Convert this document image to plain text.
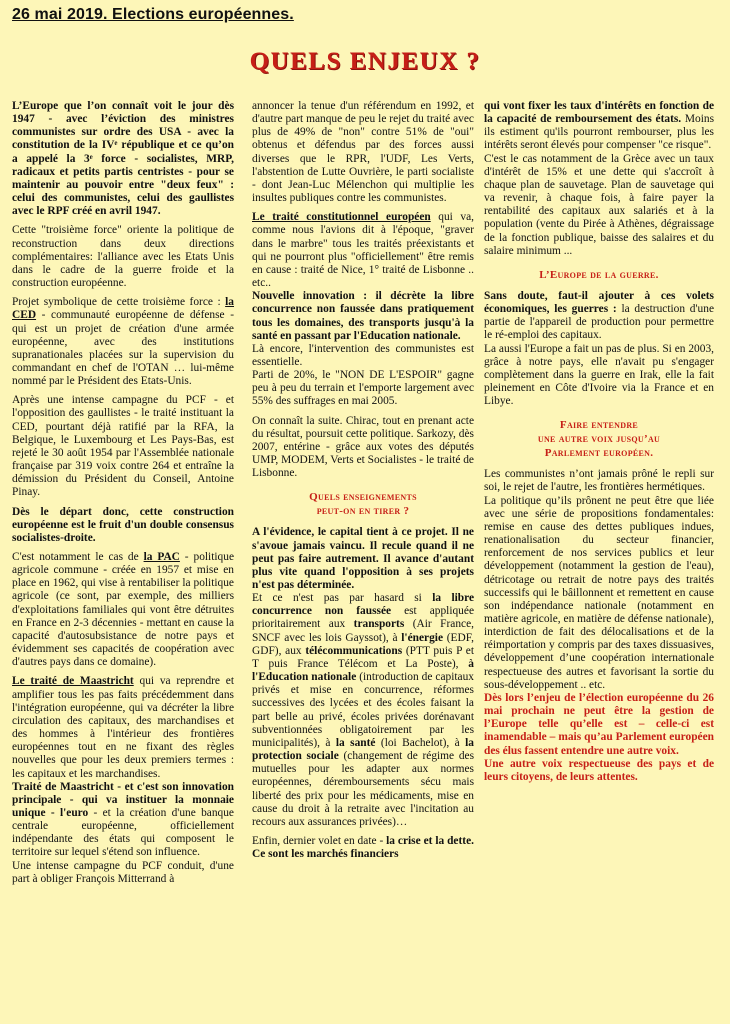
26 mai 2019. Elections européennes.
QUELS ENJEUX ?

L’Europe que l’on connaît voit le jour dès 1947 - avec l’éviction des ministres communistes sur ordre des USA - avec la constitution de la IVᵉ république et ce qu’on a appelé la 3ᵉ force - socialistes, MRP, radicaux et petits partis centristes - pour se maintenir au pouvoir entre "deux feux" : celui des communistes, celui des gaullistes avec le RPF créé en avril 1947.

Cette "troisième force" oriente la politique de reconstruction dans deux directions complémentaires: l'alliance avec les Etats Unis dans le cadre de la guerre froide et la construction européenne.

Projet symbolique de cette troisième force : la CED - communauté européenne de défense - qui est un projet de création d'une armée européenne, avec des institutions supranationales placées sur la supervision du commandant en chef de l'OTAN … lui-même nommé par le Président des Etats-Unis.

Après une intense campagne du PCF - et l'opposition des gaullistes - le traité instituant la CED, pourtant déjà ratifié par la RFA, la Belgique, le Luxembourg et Les Pays-Bas, est rejeté le 30 août 1954 par l'Assemblée nationale française par 319 voix contre 264 et entraîne la démission du Président du Conseil, Antoine Pinay.

Dès le départ donc, cette construction européenne est le fruit d'un double consensus socialistes-droite.

C'est notamment le cas de la PAC - politique agricole commune - créée en 1957 et mise en place en 1962, qui vise à rentabiliser la politique agricole (ce sont, par exemple, des milliers d'exploitations familiales qui vont être détruites en France en 2-3 décennies - mettant en cause la capacité d'autosubsistance de notre pays et évidemment ses capacités de coopération avec d'autres pays dans ce domaine).

Le traité de Maastricht qui va reprendre et amplifier tous les pas faits précédemment dans l'intégration européenne, qui va décréter la libre circulation des capitaux, des marchandises et des hommes à l'intérieur des frontières européennes tout en ne fixant des règles nouvelles que pour les deux premiers termes : les capitaux et les marchandises.

Traité de Maastricht - et c'est son innovation principale - qui va instituer la monnaie unique - l'euro - et la création d'une banque centrale européenne, officiellement indépendante des états qui composent le territoire sur lequel s'étend son influence.

Une intense campagne du PCF conduit, d'une part à obliger François Mitterrand à

annoncer la tenue d'un référendum en 1992, et d'autre part manque de peu le rejet du traité avec plus de 49% de "non" contre 51% de "oui" obtenus et défendus par des forces aussi diverses que le RPR, l'UDF, Les Verts, l'abstention de Lutte Ouvrière, le parti socialiste - dont Jean-Luc Mélenchon qui multiplie les insultes publiques contre les communistes.

Le traité constitutionnel européen qui va, comme nous l'avions dit à l'époque, "graver dans le marbre" tous les traités préexistants et qui ne pourront plus "officiellement" être remis en cause : traité de Nice, 1° traité de Lisbonne .. etc..

Nouvelle innovation : il décrète la libre concurrence non faussée dans pratiquement tous les domaines, des transports jusqu'à la santé en passant par l'Education nationale.

Là encore, l'intervention des communistes est essentielle.

Parti de 20%, le "NON DE L'ESPOIR" gagne peu à peu du terrain et l'emporte largement avec 55% des suffrages en mai 2005.

On connaît la suite. Chirac, tout en prenant acte du résultat, poursuit cette politique. Sarkozy, dès 2007, entérine - grâce aux votes des députés UMP, MODEM, Verts et Socialistes - le traité de Lisbonne.

Quels enseignements
peut-on en tirer ?

A l'évidence, le capital tient à ce projet. Il ne s'avoue jamais vaincu. Il recule quand il ne peut pas faire autrement. Il avance d'autant plus vite quand l'opposition à ses projets n'est pas déterminée.

Et ce n'est pas par hasard si la libre concurrence non faussée est appliquée prioritairement aux transports (Air France, SNCF avec les lois Gayssot), à l'énergie (EDF, GDF), aux télécommunications (PTT puis P et T puis France Télécom et La Poste), à l'Education nationale (introduction de capitaux privés et mise en concurrence, réformes successives des lycées et des écoles faisant la part belle au privé, écoles privées dorénavant subventionnées obligatoirement par les municipalités), à la santé (loi Bachelot), à la protection sociale (changement de régime des mutuelles pour les adapter aux normes européennes, déremboursements sécu mais liberté des prix pour les médicaments, mise en cause du droit à la retraite avec l'incitation au recours aux assurances privées)…

Enfin, dernier volet en date - la crise et la dette. Ce sont les marchés financiers

qui vont fixer les taux d'intérêts en fonction de la capacité de remboursement des états. Moins ils estiment qu'ils pourront rembourser, plus les intérêts seront élevés pour compenser "ce risque".

C'est le cas notamment de la Grèce avec un taux d'intérêt de 15% et une dette qui s'accroît à chaque plan de sauvetage. Plan de sauvetage qui va revenir, à chaque fois, à faire payer la rentabilité des capitaux aux salariés et à la population (vente du Pirée à Athènes, dégraissage de la fonction publique, baisse des salaires et du salaire minimum ...

L’Europe de la guerre.

Sans doute, faut-il ajouter à ces volets économiques, les guerres : la destruction d'une partie de l'appareil de production pour permettre le ré-emploi des capitaux.

La aussi l'Europe a fait un pas de plus. Si en 2003, grâce à notre pays, elle n'avait pu s'engager complètement dans la guerre en Irak, elle la fait pleinement en Côte d'Ivoire via la France et en Libye.

Faire entendre
une autre voix jusqu’au
Parlement européen.

Les communistes n’ont jamais prôné le repli sur soi, le rejet de l'autre, les frontières hermétiques.

La politique qu’ils prônent ne peut être que liée avec une série de propositions fondamentales: remise en cause des dettes publiques indues, renationalisation du secteur financier, renforcement de nos services publics et leur développement (notamment la gestion de l'eau), détricotage ou retrait de notre pays des traités successifs qui le bâillonnent et remettent en cause son indépendance nationale (notamment en matière agricole, en matière de défense nationale), interdiction de fait des délocalisations et de la réimportation y compris par des taxes dissuasives, développement d’une coopération internationale respectueuse des autres et favorisant la sortie du sous-développement .. etc.

Dès lors l’enjeu de l’élection européenne du 26 mai prochain ne peut être la gestion de l’Europe telle qu’elle est – celle-ci est inamendable – mais qu’au Parlement européen des élus fassent entendre une autre voix.

Une autre voix respectueuse des pays et de leurs citoyens, de leurs attentes.
